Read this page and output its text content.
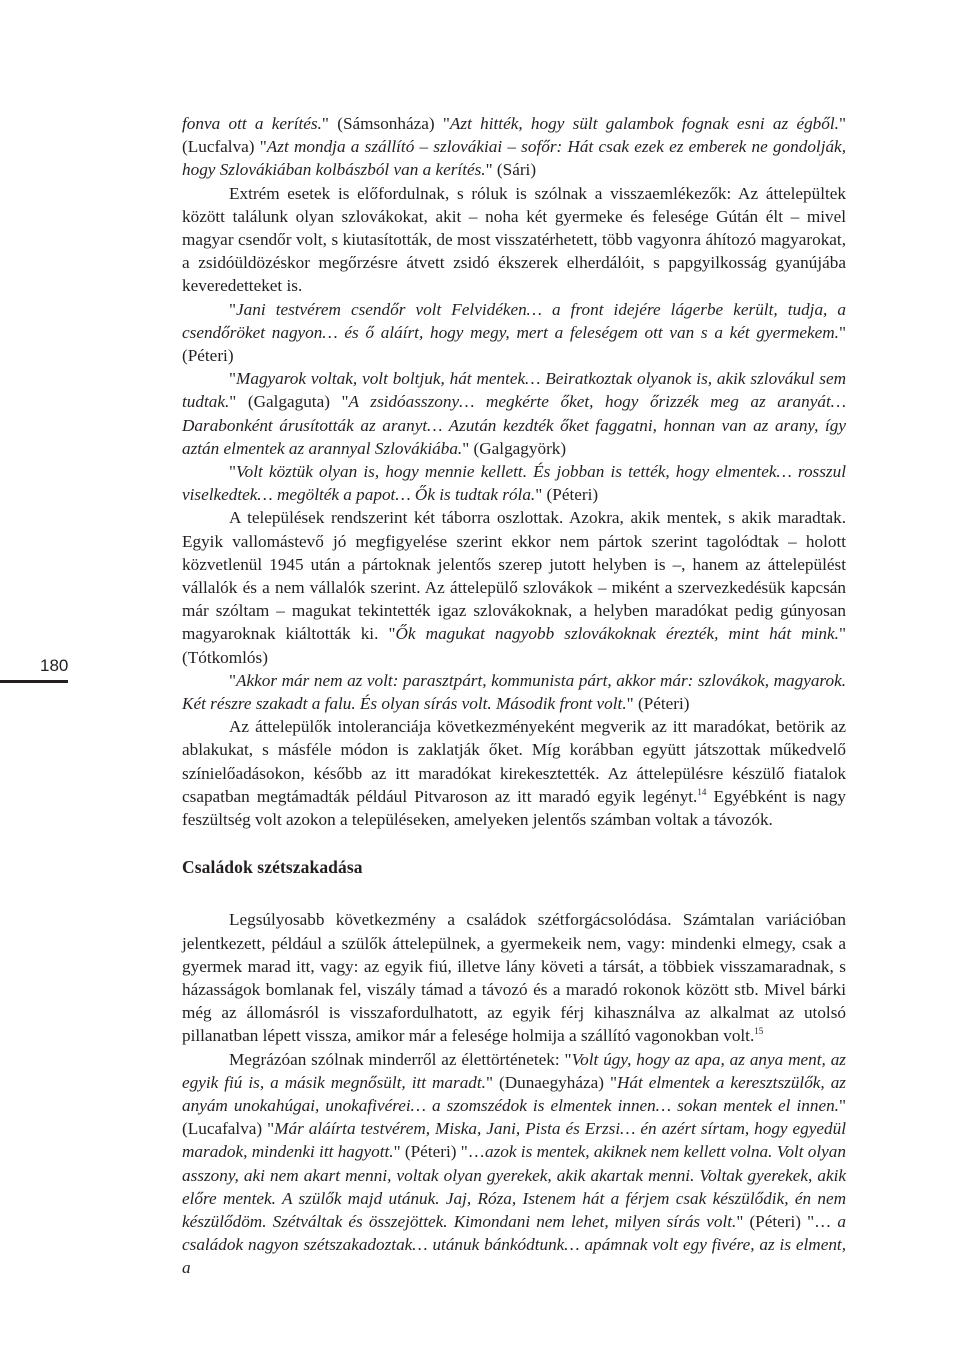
180

fonva ott a kerítés." (Sámsonháza) "Azt hitték, hogy sült galambok fognak esni az égből." (Lucfalva) "Azt mondja a szállító – szlovákiai – sofőr: Hát csak ezek ez emberek ne gondolják, hogy Szlovákiában kolbászból van a kerítés." (Sári)

Extrém esetek is előfordulnak, s róluk is szólnak a visszaemlékezők: Az áttelepültek között találunk olyan szlovákokat, akit – noha két gyermeke és felesége Gútán élt – mivel magyar csendőr volt, s kiutasították, de most visszatérhetett, több vagyonra áhítozó magyarokat, a zsidóüldözéskor megőrzésre átvett zsidó ékszerek elherdálóit, s papgyilkosság gyanújába keveredetteket is.

"Jani testvérem csendőr volt Felvidéken… a front idejére lágerbe került, tudja, a csendőröket nagyon… és ő aláírt, hogy megy, mert a feleségem ott van s a két gyermekem." (Péteri)

"Magyarok voltak, volt boltjuk, hát mentek… Beiratkoztak olyanok is, akik szlovákul sem tudtak." (Galgaguta) "A zsidóasszony… megkérte őket, hogy őrizzék meg az aranyát… Darabonként árusították az aranyt… Azután kezdték őket faggatni, honnan van az arany, így aztán elmentek az arannyal Szlovákiába." (Galgagyörk)

"Volt köztük olyan is, hogy mennie kellett. És jobban is tették, hogy elmentek… rosszul viselkedtek… megölték a papot… Ők is tudtak róla." (Péteri)

A települések rendszerint két táborra oszlottak. Azokra, akik mentek, s akik maradtak. Egyik vallomástevő jó megfigyelése szerint ekkor nem pártok szerint tagolódtak – holott közvetlenül 1945 után a pártoknak jelentős szerep jutott helyben is –, hanem az áttelepülést vállalók és a nem vállalók szerint. Az áttelepülő szlovákok – miként a szervezkedésük kapcsán már szóltam – magukat tekintették igaz szlovákoknak, a helyben maradókat pedig gúnyosan magyaroknak kiáltották ki. "Ők magukat nagyobb szlovákoknak érezték, mint hát mink." (Tótkomlós)

"Akkor már nem az volt: parasztpárt, kommunista párt, akkor már: szlovákok, magyarok. Két részre szakadt a falu. És olyan sírás volt. Második front volt." (Péteri)

Az áttelepülők intoleranciája következményeként megverik az itt maradókat, betörik az ablakukat, s másféle módon is zaklatják őket. Míg korábban együtt játszottak műkedvelő színielőadásokon, később az itt maradókat kirekesztették. Az áttelepülésre készülő fiatalok csapatban megtámadták például Pitvaroson az itt maradó egyik legényt.$^{14}$ Egyébként is nagy feszültség volt azokon a településeken, amelyeken jelentős számban voltak a távozók.

Családok szétszakadása

Legsúlyosabb következmény a családok szétforgácsolódása. Számtalan variációban jelentkezett, például a szülők áttelepülnek, a gyermekeik nem, vagy: mindenki elmegy, csak a gyermek marad itt, vagy: az egyik fiú, illetve lány követi a társát, a többiek visszamaradnak, s házasságok bomlanak fel, viszály támad a távozó és a maradó rokonok között stb. Mivel bárki még az állomásról is visszafordulhatott, az egyik férj kihasználva az alkalmat az utolsó pillanatban lépett vissza, amikor már a felesége holmija a szállító vagonokban volt.$^{15}$

Megrázóan szólnak minderről az élettörténetek: "Volt úgy, hogy az apa, az anya ment, az egyik fiú is, a másik megnősült, itt maradt." (Dunaegyháza) "Hát elmentek a keresztszülők, az anyám unokahúgai, unokafivérei… a szomszédok is elmentek innen… sokan mentek el innen." (Lucafalva) "Már aláírta testvérem, Miska, Jani, Pista és Erzsi… én azért sírtam, hogy egyedül maradok, mindenki itt hagyott." (Péteri) "…azok is mentek, akiknek nem kellett volna. Volt olyan asszony, aki nem akart menni, voltak olyan gyerekek, akik akartak menni. Voltak gyerekek, akik előre mentek. A szülők majd utánuk. Jaj, Róza, Istenem hát a férjem csak készülődik, én nem készülődöm. Szétváltak és összejöttek. Kimondani nem lehet, milyen sírás volt." (Péteri) "… a családok nagyon szétszakadoztak… utánuk bánkódtunk… apámnak volt egy fivére, az is elment, a
